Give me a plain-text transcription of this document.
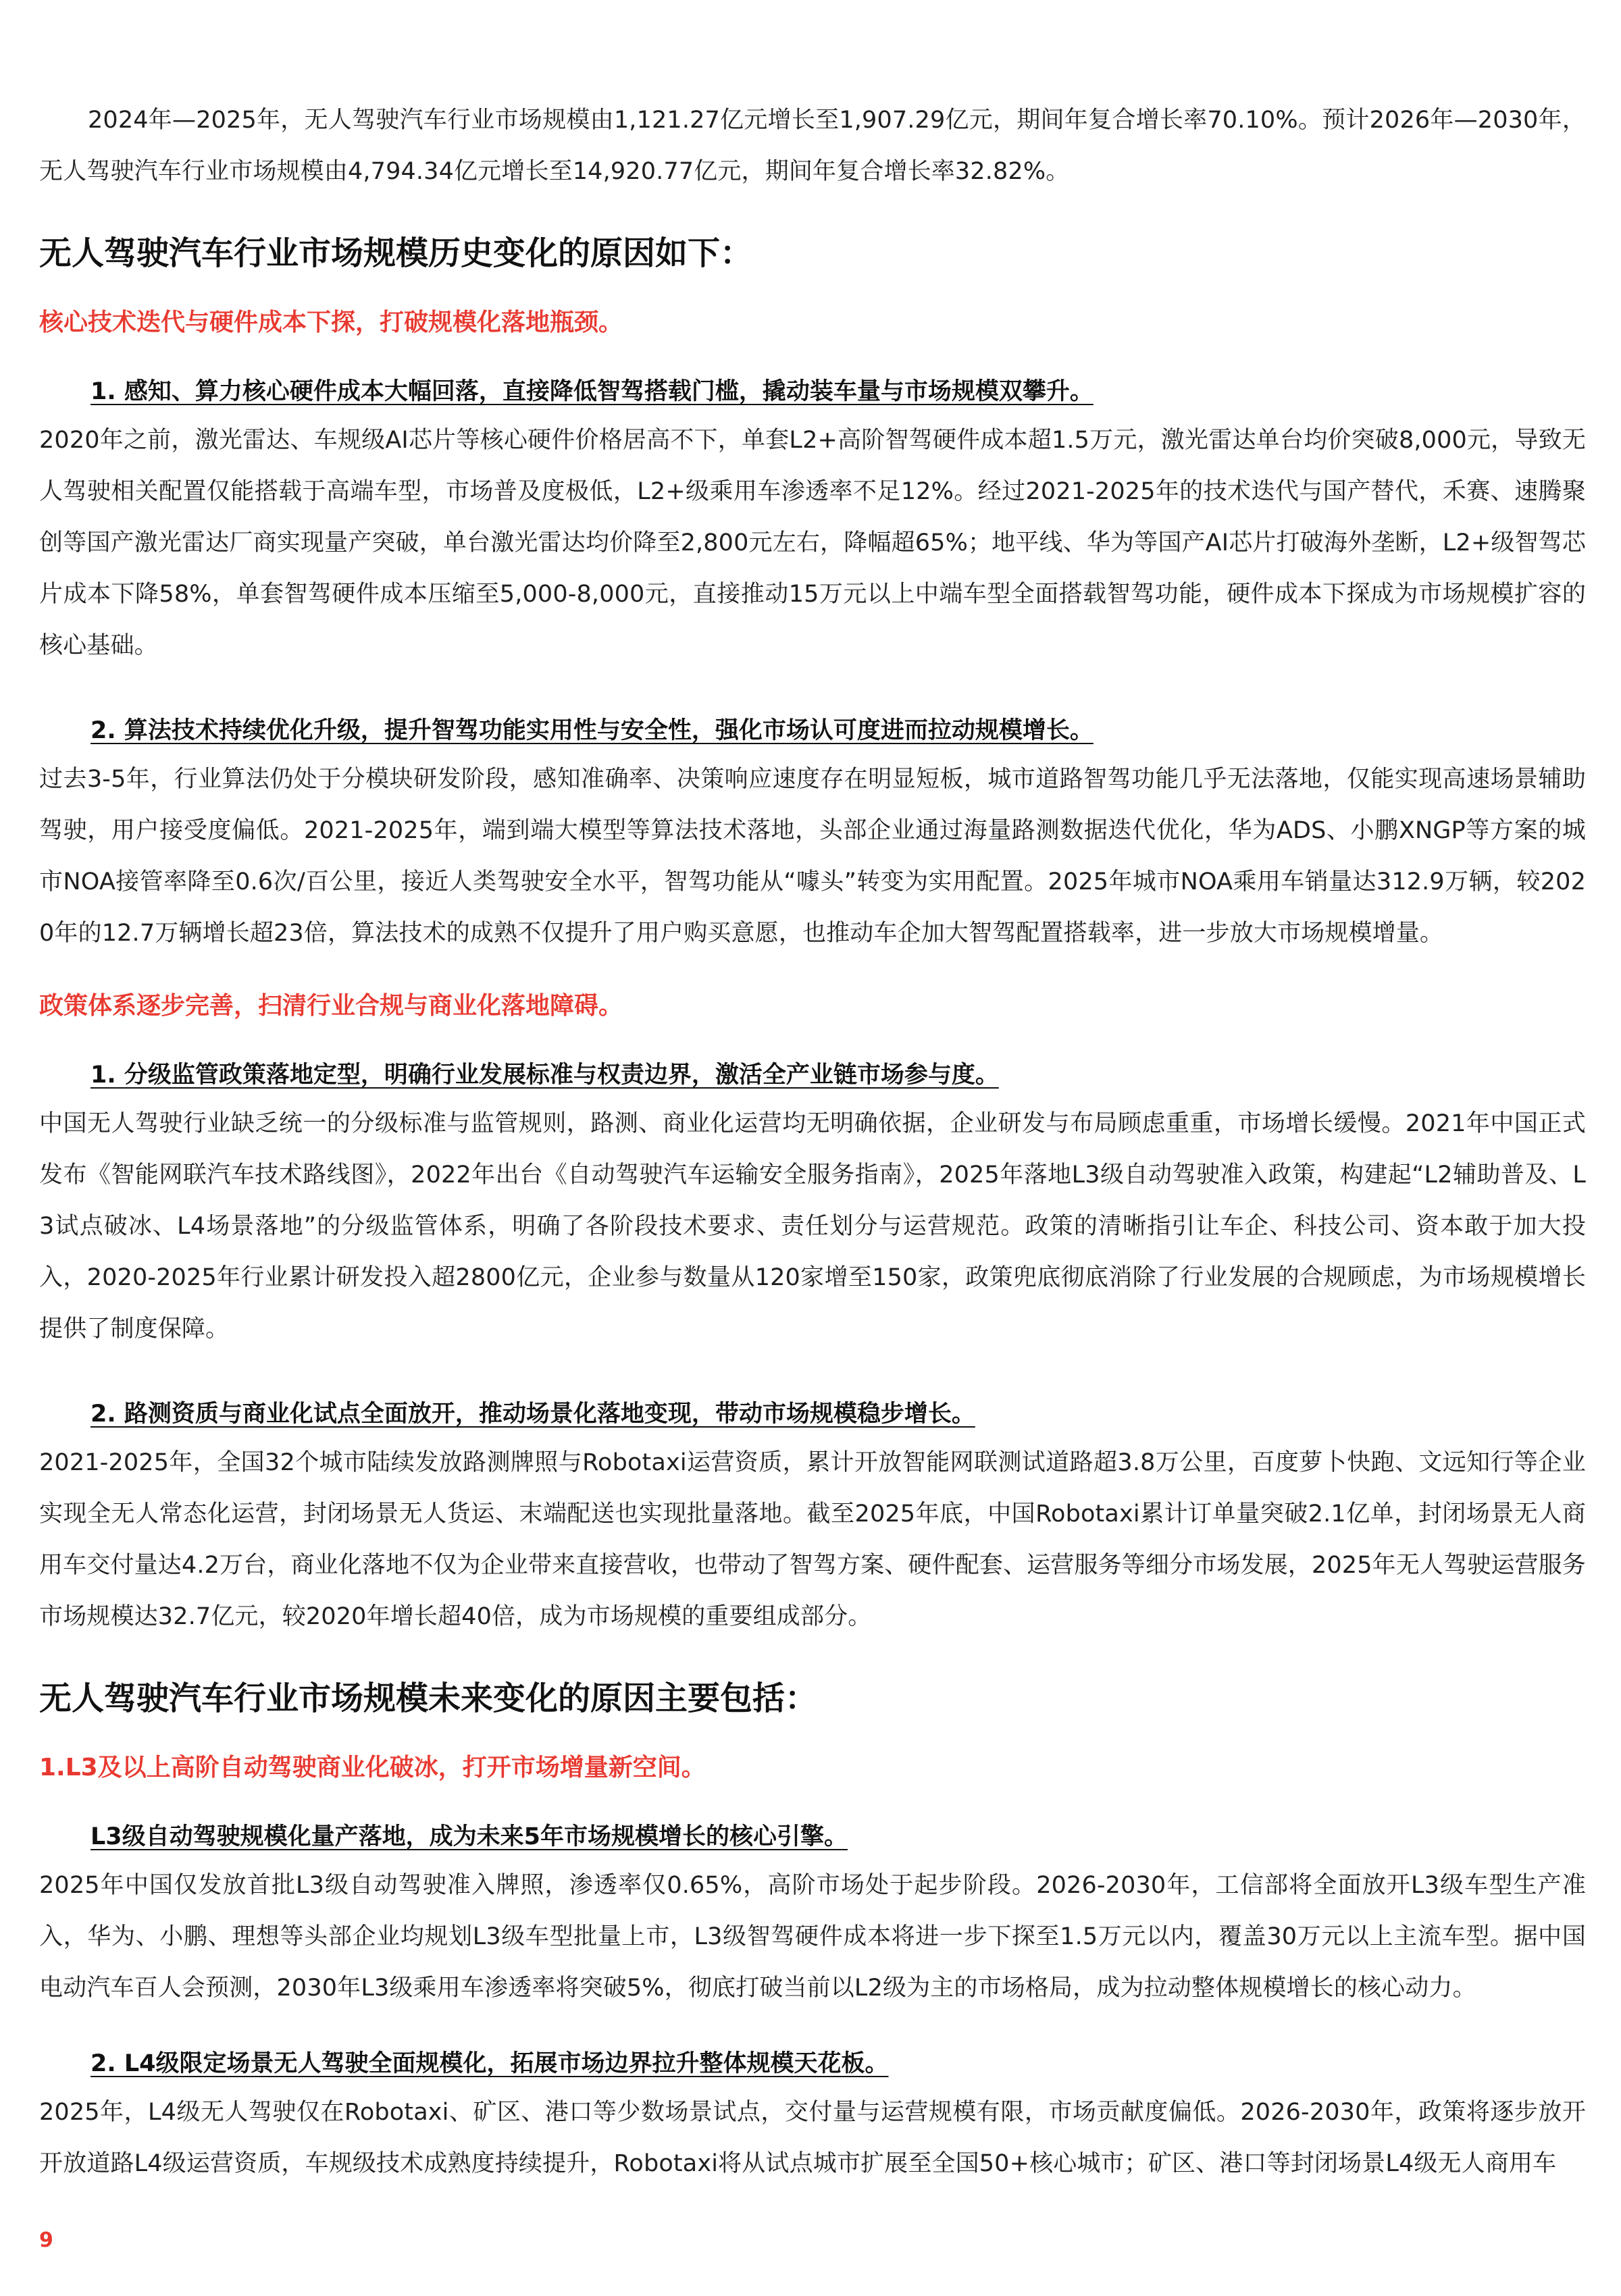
2024年—2025年，无人驾驶汽车行业市场规模由1,121.27亿元增长至1,907.29亿元，期间年复合增长率70.10%。预计2026年—2030年，无人驾驶汽车行业市场规模由4,794.34亿元增长至14,920.77亿元，期间年复合增长率32.82%。

无人驾驶汽车行业市场规模历史变化的原因如下：
核心技术迭代与硬件成本下探，打破规模化落地瓶颈。
1. 感知、算力核心硬件成本大幅回落，直接降低智驾搭载门槛，撬动装车量与市场规模双攀升。

2020年之前，激光雷达、车规级AI芯片等核心硬件价格居高不下，单套L2+高阶智驾硬件成本超1.5万元，激光雷达单台均价突破8,000元，导致无人驾驶相关配置仅能搭载于高端车型，市场普及度极低，L2+级乘用车渗透率不足12%。经过2021-2025年的技术迭代与国产替代，禾赛、速腾聚创等国产激光雷达厂商实现量产突破，单台激光雷达均价降至2,800元左右，降幅超65%；地平线、华为等国产AI芯片打破海外垄断，L2+级智驾芯片成本下降58%，单套智驾硬件成本压缩至5,000-8,000元，直接推动15万元以上中端车型全面搭载智驾功能，硬件成本下探成为市场规模扩容的核心基础。

2. 算法技术持续优化升级，提升智驾功能实用性与安全性，强化市场认可度进而拉动规模增长。

过去3-5年，行业算法仍处于分模块研发阶段，感知准确率、决策响应速度存在明显短板，城市道路智驾功能几乎无法落地，仅能实现高速场景辅助驾驶，用户接受度偏低。2021-2025年，端到端大模型等算法技术落地，头部企业通过海量路测数据迭代优化，华为ADS、小鹏XNGP等方案的城市NOA接管率降至0.6次/百公里，接近人类驾驶安全水平，智驾功能从“噱头”转变为实用配置。2025年城市NOA乘用车销量达312.9万辆，较2020年的12.7万辆增长超23倍，算法技术的成熟不仅提升了用户购买意愿，也推动车企加大智驾配置搭载率，进一步放大市场规模增量。

政策体系逐步完善，扫清行业合规与商业化落地障碍。
1. 分级监管政策落地定型，明确行业发展标准与权责边界，激活全产业链市场参与度。

中国无人驾驶行业缺乏统一的分级标准与监管规则，路测、商业化运营均无明确依据，企业研发与布局顾虑重重，市场增长缓慢。2021年中国正式发布《智能网联汽车技术路线图》，2022年出台《自动驾驶汽车运输安全服务指南》，2025年落地L3级自动驾驶准入政策，构建起“L2辅助普及、L3试点破冰、L4场景落地”的分级监管体系，明确了各阶段技术要求、责任划分与运营规范。政策的清晰指引让车企、科技公司、资本敢于加大投入，2020-2025年行业累计研发投入超2800亿元，企业参与数量从120家增至150家，政策兜底彻底消除了行业发展的合规顾虑，为市场规模增长提供了制度保障。

2. 路测资质与商业化试点全面放开，推动场景化落地变现，带动市场规模稳步增长。

2021-2025年，全国32个城市陆续发放路测牌照与Robotaxi运营资质，累计开放智能网联测试道路超3.8万公里，百度萝卜快跑、文远知行等企业实现全无人常态化运营，封闭场景无人货运、末端配送也实现批量落地。截至2025年底，中国Robotaxi累计订单量突破2.1亿单，封闭场景无人商用车交付量达4.2万台，商业化落地不仅为企业带来直接营收，也带动了智驾方案、硬件配套、运营服务等细分市场发展，2025年无人驾驶运营服务市场规模达32.7亿元，较2020年增长超40倍，成为市场规模的重要组成部分。

无人驾驶汽车行业市场规模未来变化的原因主要包括：
1.L3及以上高阶自动驾驶商业化破冰，打开市场增量新空间。
L3级自动驾驶规模化量产落地，成为未来5年市场规模增长的核心引擎。

2025年中国仅发放首批L3级自动驾驶准入牌照，渗透率仅0.65%，高阶市场处于起步阶段。2026-2030年，工信部将全面放开L3级车型生产准入，华为、小鹏、理想等头部企业均规划L3级车型批量上市，L3级智驾硬件成本将进一步下探至1.5万元以内，覆盖30万元以上主流车型。据中国电动汽车百人会预测，2030年L3级乘用车渗透率将突破5%，彻底打破当前以L2级为主的市场格局，成为拉动整体规模增长的核心动力。

2. L4级限定场景无人驾驶全面规模化，拓展市场边界拉升整体规模天花板。

2025年，L4级无人驾驶仅在Robotaxi、矿区、港口等少数场景试点，交付量与运营规模有限，市场贡献度偏低。2026-2030年，政策将逐步放开开放道路L4级运营资质，车规级技术成熟度持续提升，Robotaxi将从试点城市扩展至全国50+核心城市；矿区、港口等封闭场景L4级无人商用车

9
